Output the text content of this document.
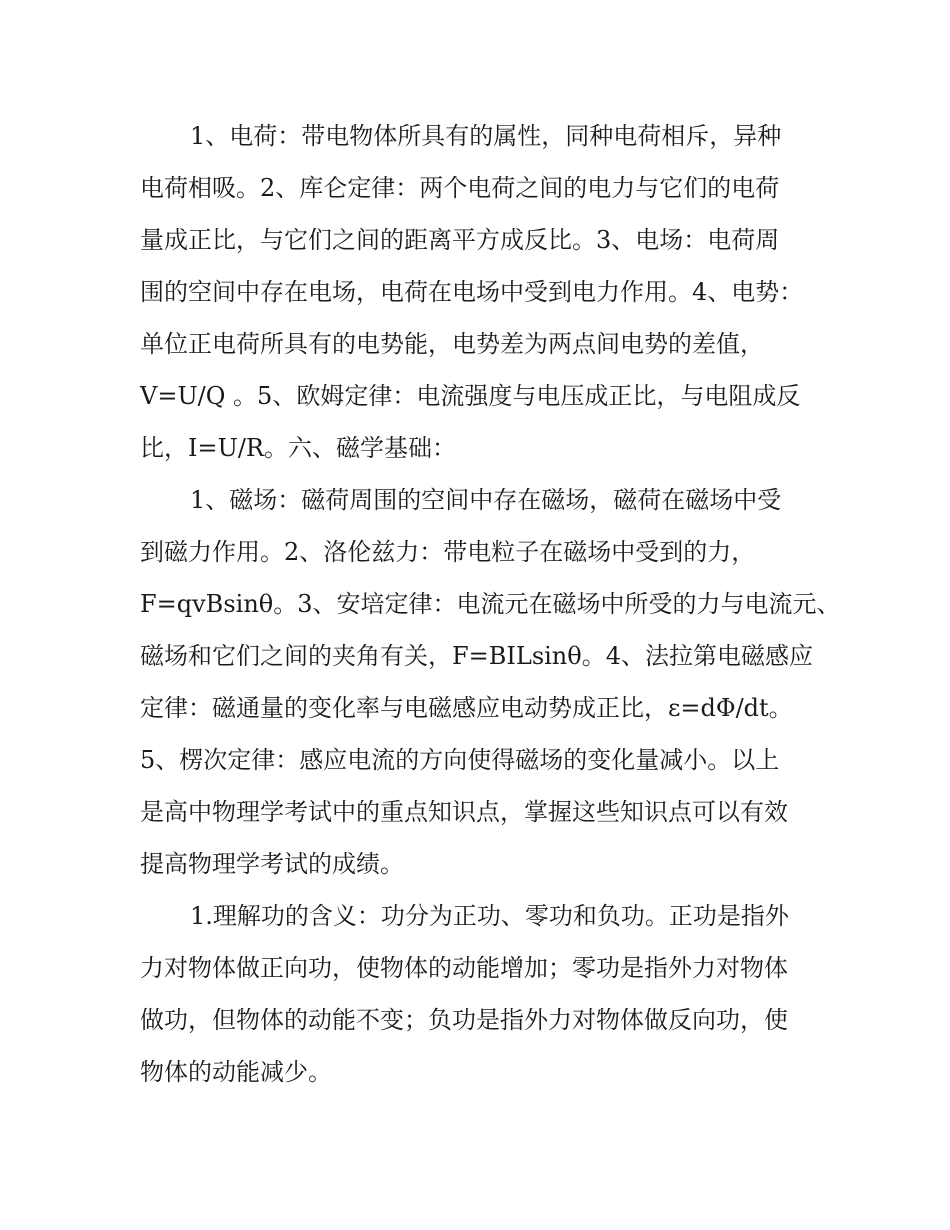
1、电荷：带电物体所具有的属性，同种电荷相斥，异种
电荷相吸。2、库仑定律：两个电荷之间的电力与它们的电荷
量成正比，与它们之间的距离平方成反比。3、电场：电荷周
围的空间中存在电场，电荷在电场中受到电力作用。4、电势：
单位正电荷所具有的电势能，电势差为两点间电势的差值，
V=U/Q 。5、欧姆定律：电流强度与电压成正比，与电阻成反
比，I=U/R。六、磁学基础：
1、磁场：磁荷周围的空间中存在磁场，磁荷在磁场中受
到磁力作用。2、洛伦兹力：带电粒子在磁场中受到的力，
F=qvBsinθ。3、安培定律：电流元在磁场中所受的力与电流元、
磁场和它们之间的夹角有关，F=BILsinθ。4、法拉第电磁感应
定律：磁通量的变化率与电磁感应电动势成正比，ε=dΦ/dt。
5、楞次定律：感应电流的方向使得磁场的变化量减小。以上
是高中物理学考试中的重点知识点，掌握这些知识点可以有效
提高物理学考试的成绩。
1.理解功的含义：功分为正功、零功和负功。正功是指外
力对物体做正向功，使物体的动能增加；零功是指外力对物体
做功，但物体的动能不变；负功是指外力对物体做反向功，使
物体的动能减少。
